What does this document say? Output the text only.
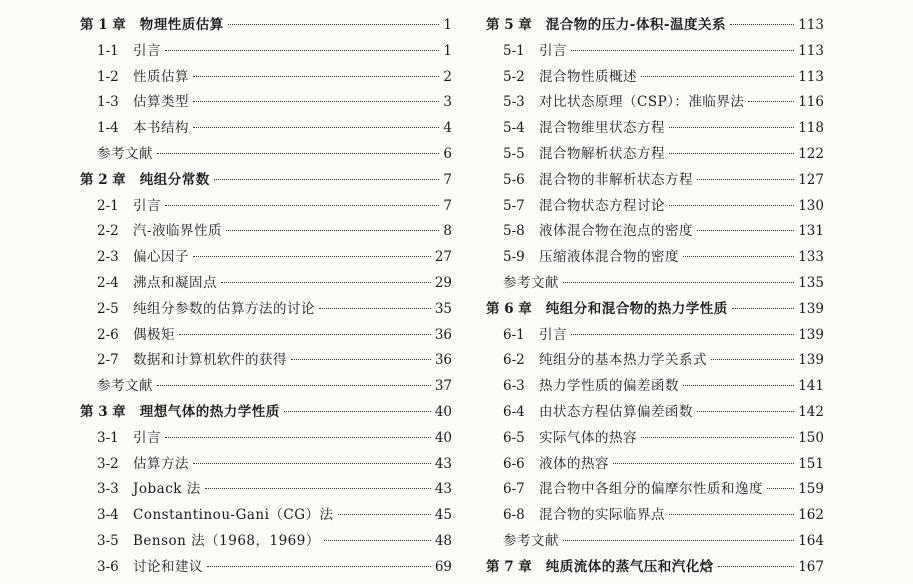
第 1 章 物理性质估算	1
1-1	引言	1
1-2	性质估算	2
1-3	估算类型	3
1-4	本书结构	4
参考文献	6
第 2 章 纯组分常数	7
2-1	引言	7
2-2	汽-液临界性质	8
2-3	偏心因子	27
2-4	沸点和凝固点	29
2-5	纯组分参数的估算方法的讨论	35
2-6	偶极矩	36
2-7	数据和计算机软件的获得	36
参考文献	37
第 3 章 理想气体的热力学性质	40
3-1	引言	40
3-2	估算方法	43
3-3	Joback 法	43
3-4	Constantinou-Gani（CG）法	45
3-5	Benson 法（1968，1969）	48
3-6	讨论和建议	69
第 5 章 混合物的压力-体积-温度关系	113
5-1	引言	113
5-2	混合物性质概述	113
5-3	对比状态原理（CSP）：准临界法	116
5-4	混合物维里状态方程	118
5-5	混合物解析状态方程	122
5-6	混合物的非解析状态方程	127
5-7	混合物状态方程讨论	130
5-8	液体混合物在泡点的密度	131
5-9	压缩液体混合物的密度	133
参考文献	135
第 6 章 纯组分和混合物的热力学性质	139
6-1	引言	139
6-2	纯组分的基本热力学关系式	139
6-3	热力学性质的偏差函数	141
6-4	由状态方程估算偏差函数	142
6-5	实际气体的热容	150
6-6	液体的热容	151
6-7	混合物中各组分的偏摩尔性质和逸度	159
6-8	混合物的实际临界点	162
参考文献	164
第 7 章 纯质流体的蒸气压和汽化焓	167
